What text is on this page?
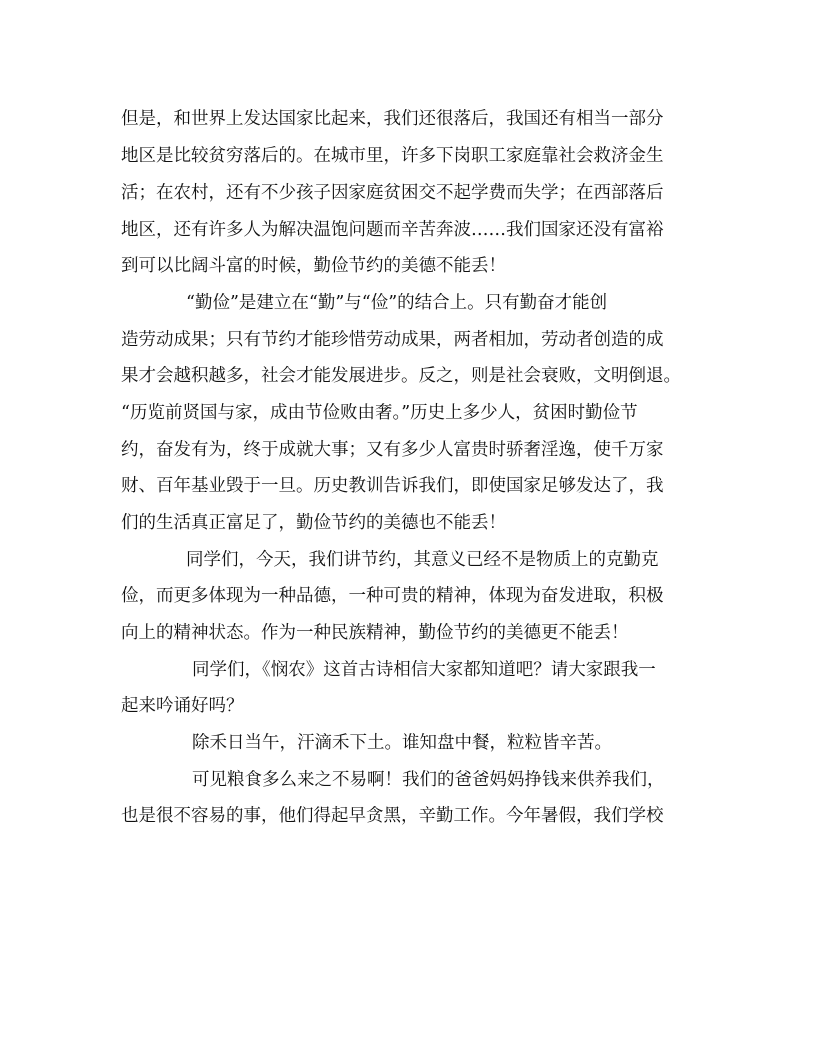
但是，和世界上发达国家比起来，我们还很落后，我国还有相当一部分
地区是比较贫穷落后的。在城市里，许多下岗职工家庭靠社会救济金生
活；在农村，还有不少孩子因家庭贫困交不起学费而失学；在西部落后
地区，还有许多人为解决温饱问题而辛苦奔波……我们国家还没有富裕
到可以比阔斗富的时候，勤俭节约的美德不能丢！
“勤俭”是建立在“勤”与“俭”的结合上。只有勤奋才能创
造劳动成果；只有节约才能珍惜劳动成果，两者相加，劳动者创造的成
果才会越积越多，社会才能发展进步。反之，则是社会衰败，文明倒退。
“历览前贤国与家，成由节俭败由奢。”历史上多少人，贫困时勤俭节
约，奋发有为，终于成就大事；又有多少人富贵时骄奢淫逸，使千万家
财、百年基业毁于一旦。历史教训告诉我们，即使国家足够发达了，我
们的生活真正富足了，勤俭节约的美德也不能丢！
同学们，今天，我们讲节约，其意义已经不是物质上的克勤克
俭，而更多体现为一种品德，一种可贵的精神，体现为奋发进取，积极
向上的精神状态。作为一种民族精神，勤俭节约的美德更不能丢！
同学们，《悯农》这首古诗相信大家都知道吧？请大家跟我一
起来吟诵好吗？
除禾日当午，汗滴禾下土。谁知盘中餐，粒粒皆辛苦。
可见粮食多么来之不易啊！我们的爸爸妈妈挣钱来供养我们，
也是很不容易的事，他们得起早贪黑，辛勤工作。今年暑假，我们学校
